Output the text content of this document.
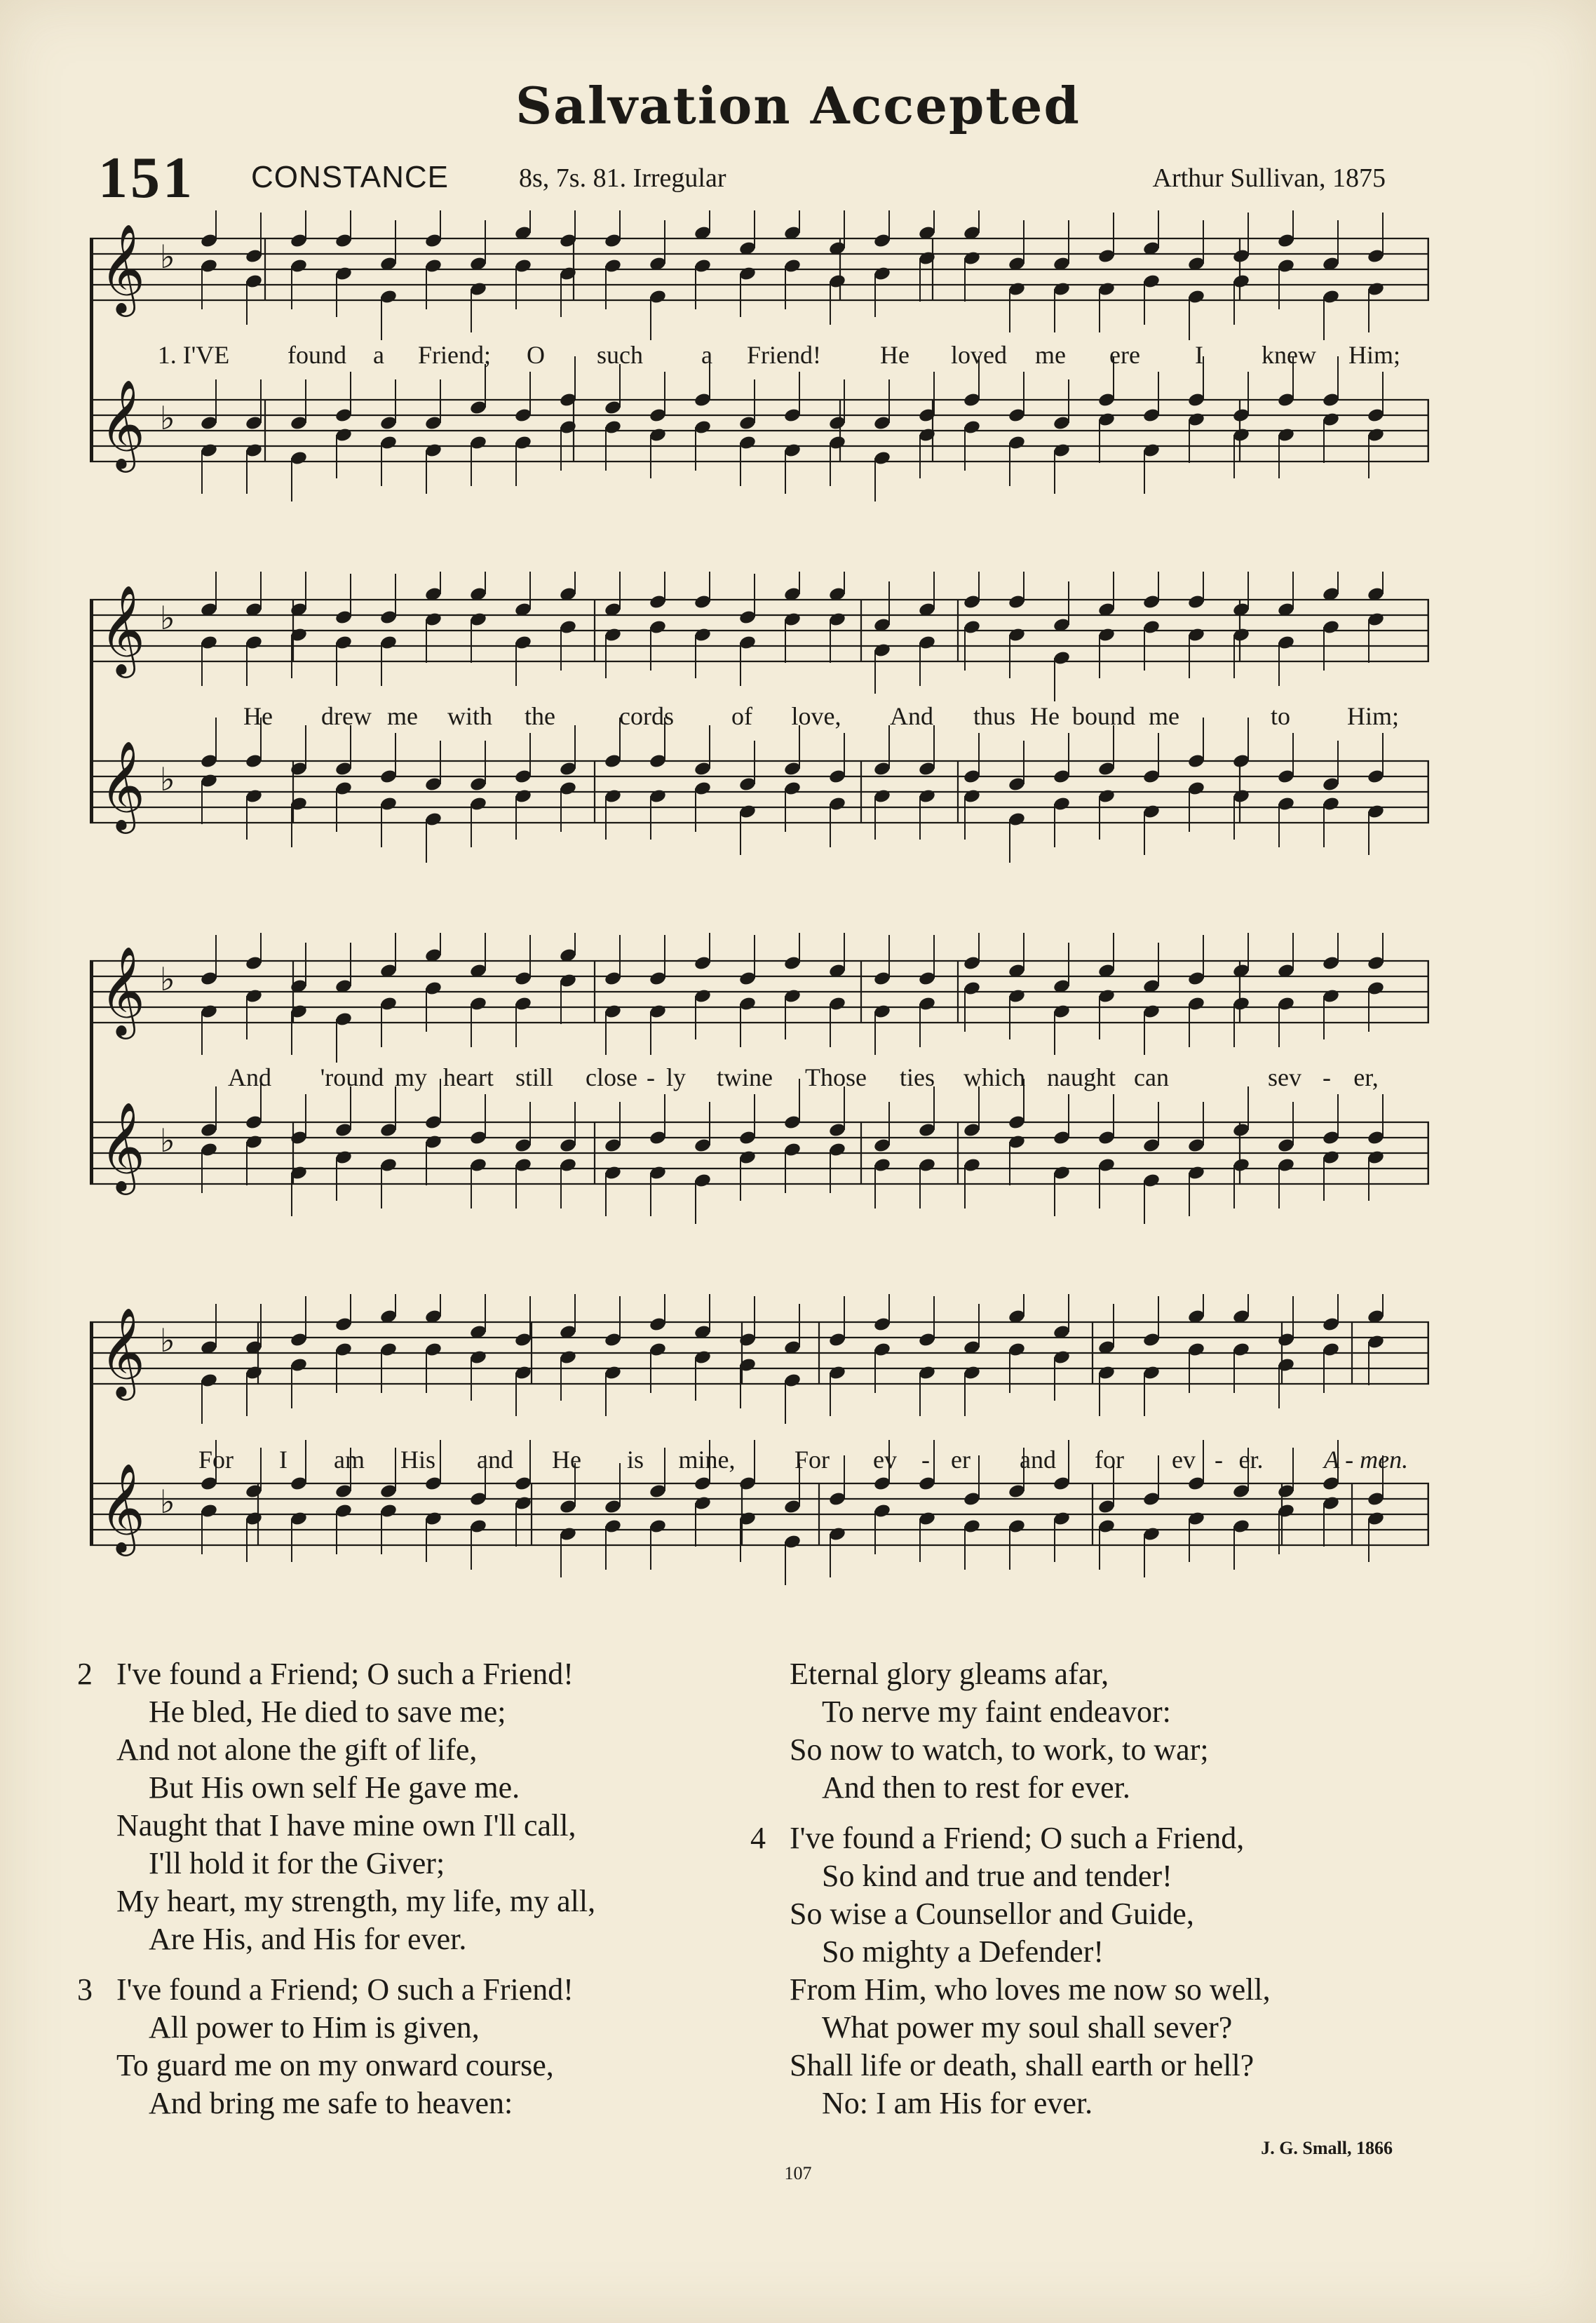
Salvation Accepted
151 CONSTANCE	8s, 7s. 81. Irregular	Arthur Sullivan, 1875
𝄞
𝄞
♭
♭
1. I'VE found a Friend; O such a Friend! He loved me ere I knew Him;
𝄞
𝄞
♭
♭
He drew me with the	cords of love, And thus He bound me	to Him;
𝄞
𝄞
♭
♭
And 'round my heart still close - ly twine Those ties which naught can	sev - er,
𝄞
𝄞
♭
♭
For I am His and He is mine, For ev - er and for ev - er. A - men.
2 I've found a Friend; O such a Friend!
He bled, He died to save me;
And not alone the gift of life,
But His own self He gave me.
Naught that I have mine own I'll call,
I'll hold it for the Giver;
My heart, my strength, my life, my all,
Are His, and His for ever.
3 I've found a Friend; O such a Friend!
All power to Him is given,
To guard me on my onward course,
And bring me safe to heaven:
Eternal glory gleams afar,
To nerve my faint endeavor:
So now to watch, to work, to war;
And then to rest for ever.
4 I've found a Friend; O such a Friend,
So kind and true and tender!
So wise a Counsellor and Guide,
So mighty a Defender!
From Him, who loves me now so well,
What power my soul shall sever?
Shall life or death, shall earth or hell?
No: I am His for ever.
J. G. Small, 1866
107
